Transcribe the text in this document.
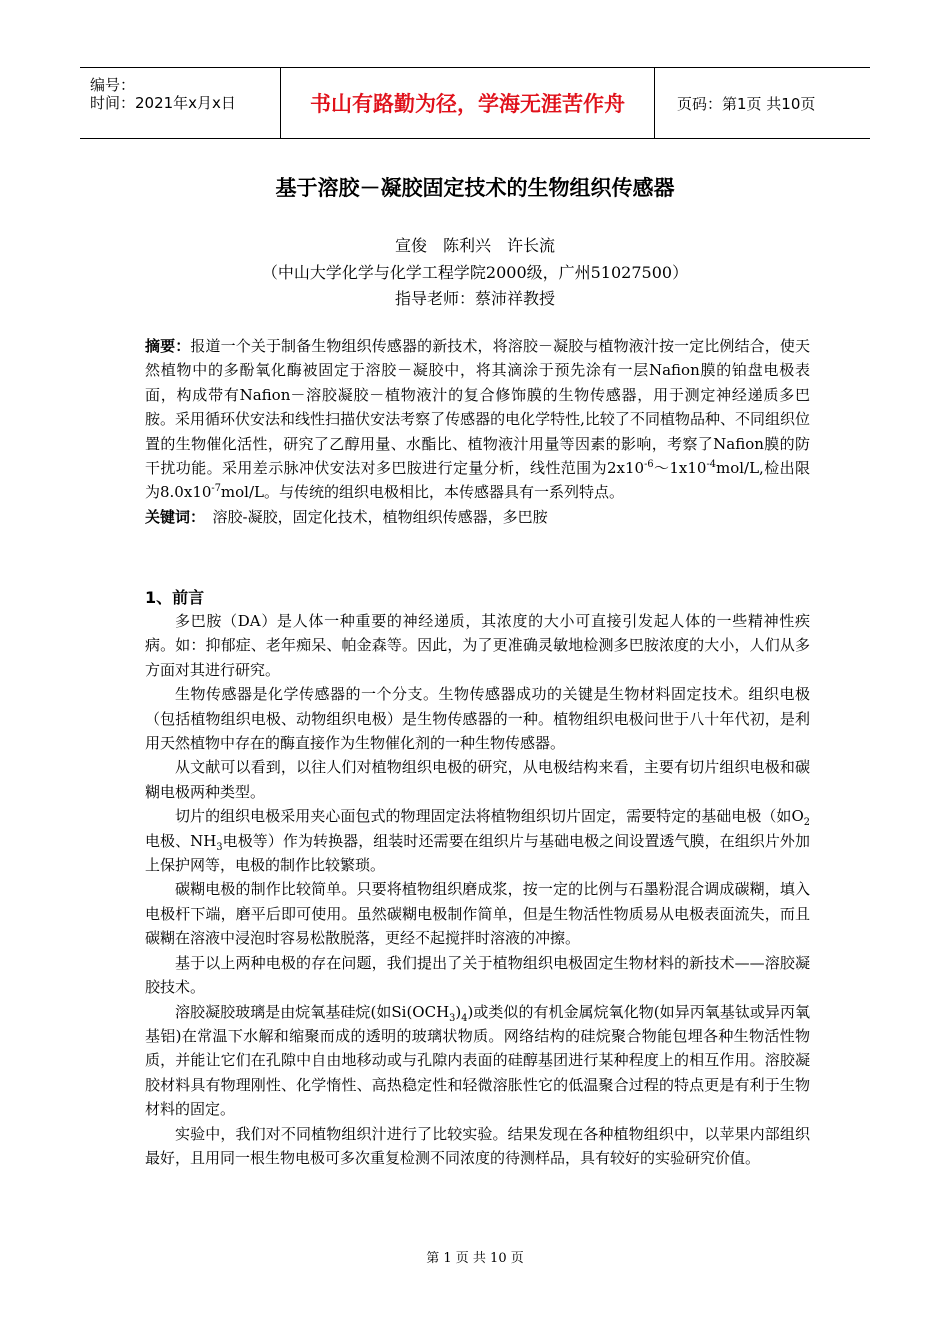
编号：
时间：2021年x月x日	书山有路勤为径，学海无涯苦作舟	页码：第1页 共10页
基于溶胶－凝胶固定技术的生物组织传感器
宣俊　陈利兴　许长流
（中山大学化学与化学工程学院2000级，广州51027500）
指导老师：蔡沛祥教授

摘要：报道一个关于制备生物组织传感器的新技术，将溶胶－凝胶与植物液汁按一定比例结合，使天然植物中的多酚氧化酶被固定于溶胶－凝胶中，将其滴涂于预先涂有一层Nafion膜的铂盘电极表面，构成带有Nafion－溶胶凝胶－植物液汁的复合修饰膜的生物传感器，用于测定神经递质多巴胺。采用循环伏安法和线性扫描伏安法考察了传感器的电化学特性,比较了不同植物品种、不同组织位置的生物催化活性，研究了乙醇用量、水酯比、植物液汁用量等因素的影响，考察了Nafion膜的防干扰功能。采用差示脉冲伏安法对多巴胺进行定量分析，线性范围为$2x10^{-6}\sim 1x10^{-4}mol/L$,检出限为$8.0x10^{-7}mol/L$。与传统的组织电极相比，本传感器具有一系列特点。

关键词：　溶胶-凝胶，固定化技术，植物组织传感器，多巴胺

1、前言

多巴胺（DA）是人体一种重要的神经递质，其浓度的大小可直接引发起人体的一些精神性疾病。如：抑郁症、老年痴呆、帕金森等。因此，为了更准确灵敏地检测多巴胺浓度的大小，人们从多方面对其进行研究。

生物传感器是化学传感器的一个分支。生物传感器成功的关键是生物材料固定技术。组织电极（包括植物组织电极、动物组织电极）是生物传感器的一种。植物组织电极问世于八十年代初，是利用天然植物中存在的酶直接作为生物催化剂的一种生物传感器。

从文献可以看到，以往人们对植物组织电极的研究，从电极结构来看，主要有切片组织电极和碳糊电极两种类型。

切片的组织电极采用夹心面包式的物理固定法将植物组织切片固定，需要特定的基础电极（如$O_2$电极、$NH_3$电极等）作为转换器，组装时还需要在组织片与基础电极之间设置透气膜，在组织片外加上保护网等，电极的制作比较繁琐。

碳糊电极的制作比较简单。只要将植物组织磨成浆，按一定的比例与石墨粉混合调成碳糊，填入电极杆下端，磨平后即可使用。虽然碳糊电极制作简单，但是生物活性物质易从电极表面流失，而且碳糊在溶液中浸泡时容易松散脱落，更经不起搅拌时溶液的冲擦。

基于以上两种电极的存在问题，我们提出了关于植物组织电极固定生物材料的新技术——溶胶凝胶技术。

溶胶凝胶玻璃是由烷氧基硅烷(如$Si(OCH_3)_4$)或类似的有机金属烷氧化物(如异丙氧基钛或异丙氧基铝)在常温下水解和缩聚而成的透明的玻璃状物质。网络结构的硅烷聚合物能包埋各种生物活性物质，并能让它们在孔隙中自由地移动或与孔隙内表面的硅醇基团进行某种程度上的相互作用。溶胶凝胶材料具有物理刚性、化学惰性、高热稳定性和轻微溶胀性它的低温聚合过程的特点更是有利于生物材料的固定。

实验中，我们对不同植物组织汁进行了比较实验。结果发现在各种植物组织中，以苹果内部组织最好，且用同一根生物电极可多次重复检测不同浓度的待测样品，具有较好的实验研究价值。

第 1 页 共 10 页
